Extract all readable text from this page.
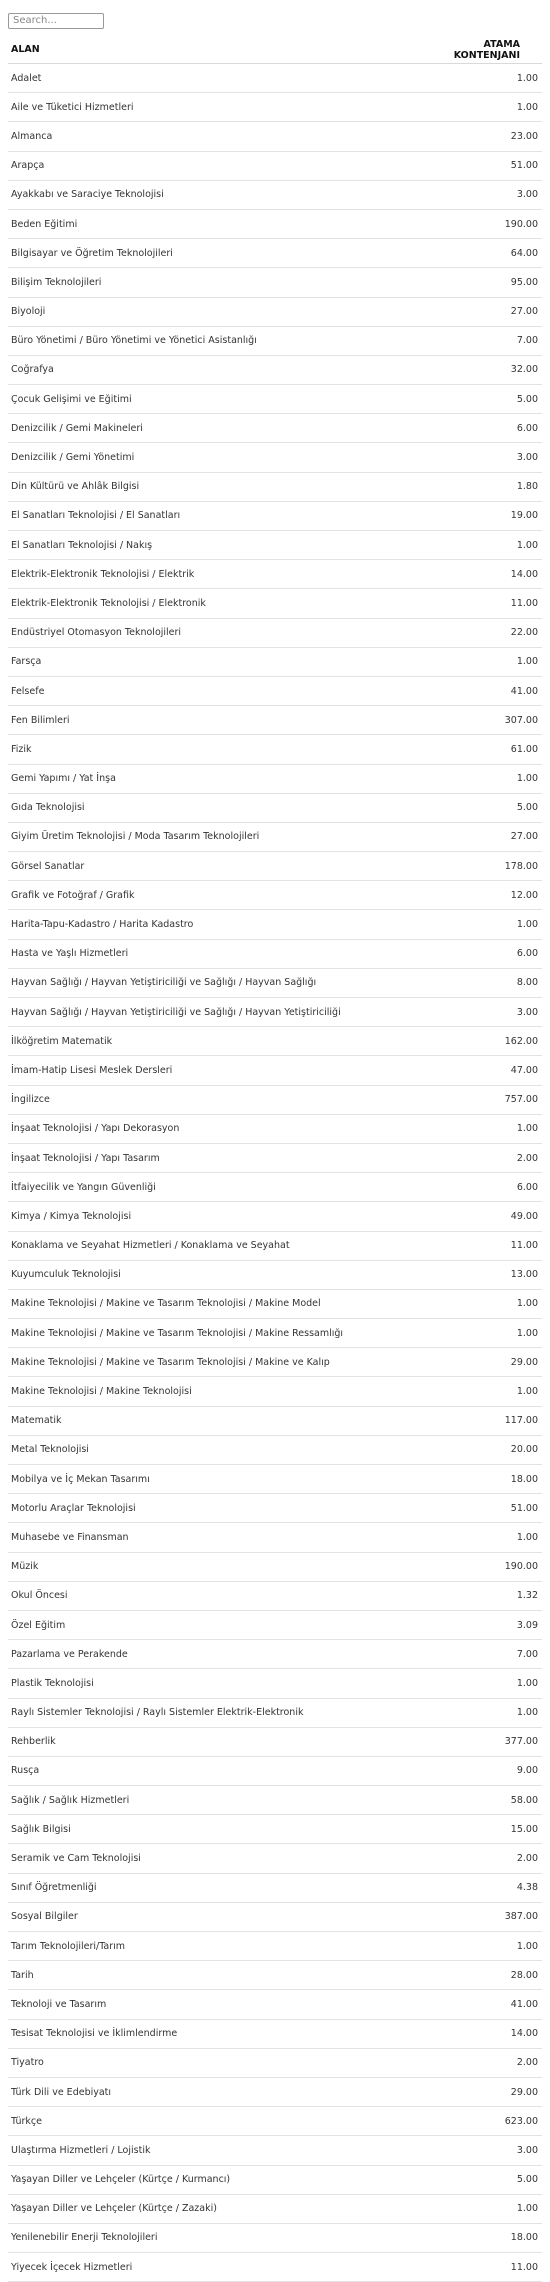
Search...
ALAN	ATAMA KONTENJANI
Adalet	1.00
Aile ve Tüketici Hizmetleri	1.00
Almanca	23.00
Arapça	51.00
Ayakkabı ve Saraciye Teknolojisi	3.00
Beden Eğitimi	190.00
Bilgisayar ve Öğretim Teknolojileri	64.00
Bilişim Teknolojileri	95.00
Biyoloji	27.00
Büro Yönetimi / Büro Yönetimi ve Yönetici Asistanlığı	7.00
Coğrafya	32.00
Çocuk Gelişimi ve Eğitimi	5.00
Denizcilik / Gemi Makineleri	6.00
Denizcilik / Gemi Yönetimi	3.00
Din Kültürü ve Ahlâk Bilgisi	1.80
El Sanatları Teknolojisi / El Sanatları	19.00
El Sanatları Teknolojisi / Nakış	1.00
Elektrik-Elektronik Teknolojisi / Elektrik	14.00
Elektrik-Elektronik Teknolojisi / Elektronik	11.00
Endüstriyel Otomasyon Teknolojileri	22.00
Farsça	1.00
Felsefe	41.00
Fen Bilimleri	307.00
Fizik	61.00
Gemi Yapımı / Yat İnşa	1.00
Gıda Teknolojisi	5.00
Giyim Üretim Teknolojisi / Moda Tasarım Teknolojileri	27.00
Görsel Sanatlar	178.00
Grafik ve Fotoğraf / Grafik	12.00
Harita-Tapu-Kadastro / Harita Kadastro	1.00
Hasta ve Yaşlı Hizmetleri	6.00
Hayvan Sağlığı / Hayvan Yetiştiriciliği ve Sağlığı / Hayvan Sağlığı	8.00
Hayvan Sağlığı / Hayvan Yetiştiriciliği ve Sağlığı / Hayvan Yetiştiriciliği	3.00
İlköğretim Matematik	162.00
İmam-Hatip Lisesi Meslek Dersleri	47.00
İngilizce	757.00
İnşaat Teknolojisi / Yapı Dekorasyon	1.00
İnşaat Teknolojisi / Yapı Tasarım	2.00
İtfaiyecilik ve Yangın Güvenliği	6.00
Kimya / Kimya Teknolojisi	49.00
Konaklama ve Seyahat Hizmetleri / Konaklama ve Seyahat	11.00
Kuyumculuk Teknolojisi	13.00
Makine Teknolojisi / Makine ve Tasarım Teknolojisi / Makine Model	1.00
Makine Teknolojisi / Makine ve Tasarım Teknolojisi / Makine Ressamlığı	1.00
Makine Teknolojisi / Makine ve Tasarım Teknolojisi / Makine ve Kalıp	29.00
Makine Teknolojisi / Makine Teknolojisi	1.00
Matematik	117.00
Metal Teknolojisi	20.00
Mobilya ve İç Mekan Tasarımı	18.00
Motorlu Araçlar Teknolojisi	51.00
Muhasebe ve Finansman	1.00
Müzik	190.00
Okul Öncesi	1.32
Özel Eğitim	3.09
Pazarlama ve Perakende	7.00
Plastik Teknolojisi	1.00
Raylı Sistemler Teknolojisi / Raylı Sistemler Elektrik-Elektronik	1.00
Rehberlik	377.00
Rusça	9.00
Sağlık / Sağlık Hizmetleri	58.00
Sağlık Bilgisi	15.00
Seramik ve Cam Teknolojisi	2.00
Sınıf Öğretmenliği	4.38
Sosyal Bilgiler	387.00
Tarım Teknolojileri/Tarım	1.00
Tarih	28.00
Teknoloji ve Tasarım	41.00
Tesisat Teknolojisi ve İklimlendirme	14.00
Tiyatro	2.00
Türk Dili ve Edebiyatı	29.00
Türkçe	623.00
Ulaştırma Hizmetleri / Lojistik	3.00
Yaşayan Diller ve Lehçeler (Kürtçe / Kurmancı)	5.00
Yaşayan Diller ve Lehçeler (Kürtçe / Zazaki)	1.00
Yenilenebilir Enerji Teknolojileri	18.00
Yiyecek İçecek Hizmetleri	11.00
